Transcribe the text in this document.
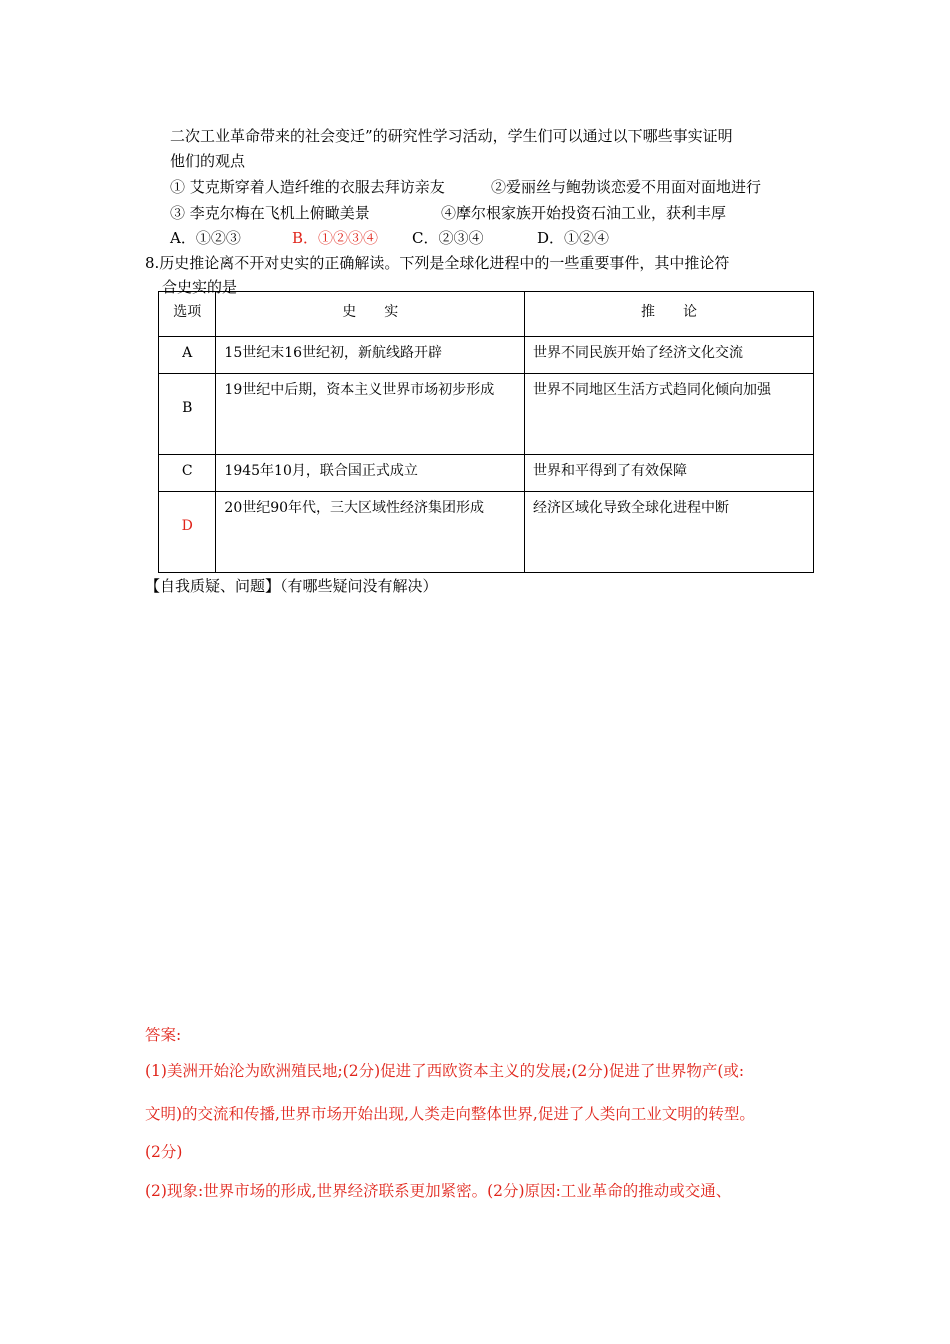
二次工业革命带来的社会变迁”的研究性学习活动，学生们可以通过以下哪些事实证明
他们的观点
① 艾克斯穿着人造纤维的衣服去拜访亲友	②爱丽丝与鲍勃谈恋爱不用面对面地进行
③ 李克尔梅在飞机上俯瞰美景	④摩尔根家族开始投资石油工业，获利丰厚
A．①②③	B．①②③④ C．②③④	D．①②④
8.历史推论离不开对史实的正确解读。下列是全球化进程中的一些重要事件，其中推论符
合史实的是
选项	史　　实	推　　论

A	15世纪末16世纪初，新航线路开辟	世界不同民族开始了经济文化交流

B	19世纪中后期，资本主义世界市场初步形成	世界不同地区生活方式趋同化倾向加强

C	1945年10月，联合国正式成立	世界和平得到了有效保障

D	20世纪90年代，三大区域性经济集团形成	经济区域化导致全球化进程中断
【自我质疑、问题】（有哪些疑问没有解决）
答案:
(1)美洲开始沦为欧洲殖民地;(2分)促进了西欧资本主义的发展;(2分)促进了世界物产(或:
文明)的交流和传播,世界市场开始出现,人类走向整体世界,促进了人类向工业文明的转型。
(2分)
(2)现象:世界市场的形成,世界经济联系更加紧密。(2分)原因:工业革命的推动或交通、
